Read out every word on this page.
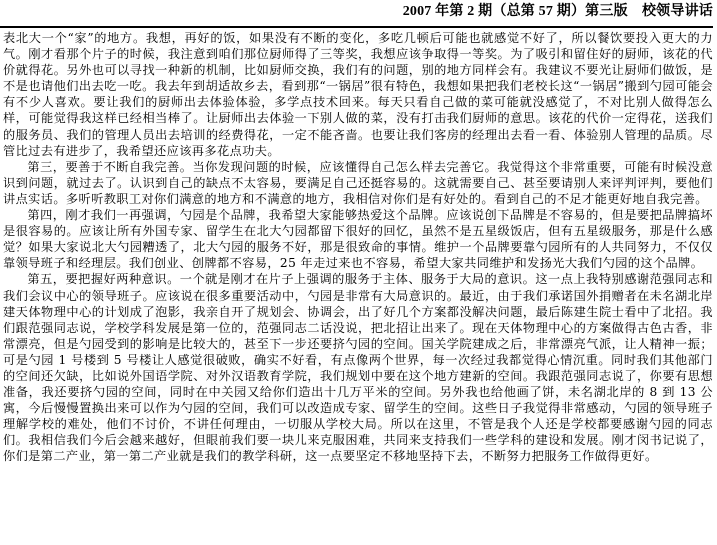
2007 年第 2 期（总第 57 期）第三版　校领导讲话

表北大一个“家”的地方。我想，再好的饭，如果没有不断的变化，多吃几顿后可能也就感觉不好了，所以餐饮要投入更大的力气。刚才看那个片子的时候，我注意到咱们那位厨师得了三等奖，我想应该争取得一等奖。为了吸引和留住好的厨师，该花的代价就得花。另外也可以寻找一种新的机制，比如厨师交换，我们有的问题，别的地方同样会有。我建议不要光让厨师们做饭，是不是也请他们出去吃一吃。我去年到胡适故乡去，看到那“一锅居”很有特色，我想如果把我们老校长这“一锅居”搬到勺园可能会有不少人喜欢。要让我们的厨师出去体验体验，多学点技术回来。每天只看自己做的菜可能就没感觉了，不对比别人做得怎么样，可能觉得我这样已经相当棒了。让厨师出去体验一下别人做的菜，没有打击我们厨师的意思。该花的代价一定得花，送我们的服务员、我们的管理人员出去培训的经费得花，一定不能吝啬。也要让我们客房的经理出去看一看、体验别人管理的品质。尽管比过去有进步了，我希望还应该再多花点功夫。

第三，要善于不断自我完善。当你发现问题的时候，应该懂得自己怎么样去完善它。我觉得这个非常重要，可能有时候没意识到问题，就过去了。认识到自己的缺点不太容易，要满足自己还挺容易的。这就需要自己、甚至要请别人来评判评判，要他们讲点实话。多听听教职工对你们满意的地方和不满意的地方，我相信对你们是有好处的。看到自己的不足才能更好地自我完善。

第四，刚才我们一再强调，勺园是个品牌，我希望大家能够热爱这个品牌。应该说创下品牌是不容易的，但是要把品牌搞坏是很容易的。应该让所有外国专家、留学生在北大勺园都留下很好的回忆，虽然不是五星级饭店，但有五星级服务，那是什么感觉？如果大家说北大勺园糟透了，北大勺园的服务不好，那是很致命的事情。维护一个品牌要靠勺园所有的人共同努力，不仅仅靠领导班子和经理层。我们创业、创牌都不容易，25 年走过来也不容易，希望大家共同维护和发扬光大我们勺园的这个品牌。

第五，要把握好两种意识。一个就是刚才在片子上强调的服务于主体、服务于大局的意识。这一点上我特别感谢范强同志和我们会议中心的领导班子。应该说在很多重要活动中，勺园是非常有大局意识的。最近，由于我们承诺国外捐赠者在未名湖北岸建天体物理中心的计划成了泡影，我亲自开了规划会、协调会，出了好几个方案都没解决问题，最后陈建生院士看中了北招。我们跟范强同志说，学校学科发展是第一位的，范强同志二话没说，把北招让出来了。现在天体物理中心的方案做得古色古香，非常漂亮，但是勺园受到的影响是比较大的，甚至下一步还要挤勺园的空间。国关学院建成之后，非常漂亮气派，让人精神一振；可是勺园 1 号楼到 5 号楼让人感觉很破败，确实不好看，有点像两个世界，每一次经过我都觉得心情沉重。同时我们其他部门的空间还欠缺，比如说外国语学院、对外汉语教育学院，我们规划中要在这个地方建新的空间。我跟范强同志说了，你要有思想准备，我还要挤勺园的空间，同时在中关园又给你们造出十几万平米的空间。另外我也给他画了饼，未名湖北岸的 8 到 13 公寓，今后慢慢置换出来可以作为勺园的空间，我们可以改造成专家、留学生的空间。这些日子我觉得非常感动，勺园的领导班子理解学校的难处，他们不讨价，不讲任何理由，一切服从学校大局。所以在这里，不管是我个人还是学校都要感谢勺园的同志们。我相信我们今后会越来越好，但眼前我们要一块儿来克服困难，共同来支持我们一些学科的建设和发展。刚才闵书记说了，你们是第二产业，第一第二产业就是我们的教学科研，这一点要坚定不移地坚持下去，不断努力把服务工作做得更好。
